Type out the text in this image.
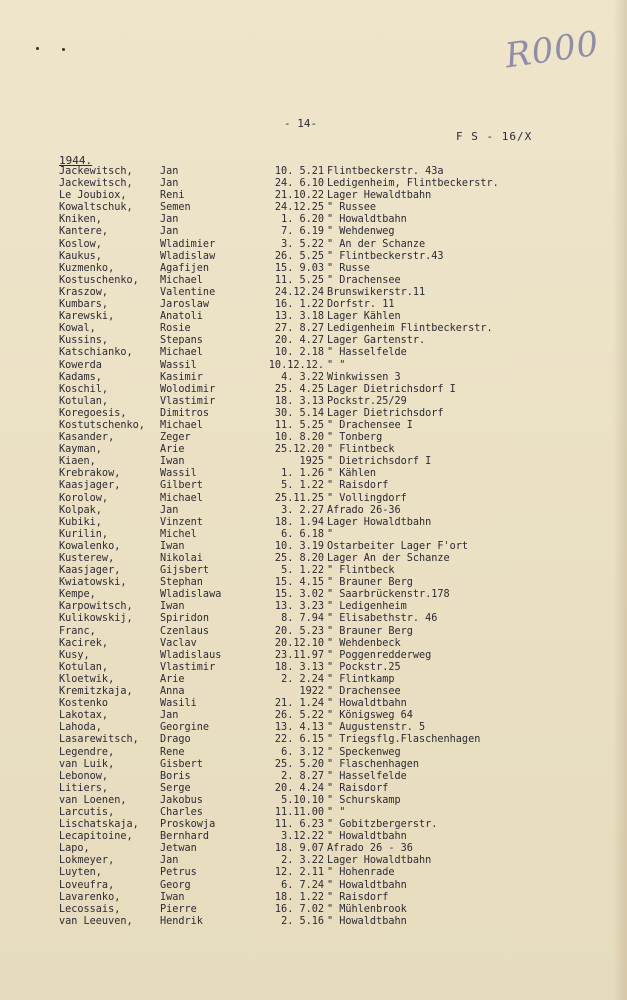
R000
- 14-
F S - 16/X
1944.
Jackewitsch,	Jan	10. 5.21 Flintbeckerstr. 43a
Jackewitsch,	Jan	24. 6.10 Ledigenheim, Flintbeckerstr.
Le Joubiox,	Reni	21.10.22 Lager Hewaldtbahn
Kowaltschuk,	Semen	24.12.25 " Russee
Kniken,	Jan	1. 6.20 " Howaldtbahn
Kantere,	Jan	7. 6.19 " Wehdenweg
Koslow,	Wladimier	3. 5.22 " An der Schanze
Kaukus,	Wladislaw	26. 5.25 " Flintbeckerstr.43
Kuzmenko,	Agafijen	15. 9.03 " Russe
Kostuschenko, Michael	11. 5.25 " Drachensee
Kraszow,	Valentine	24.12.24 Brunswikerstr.11
Kumbars,	Jaroslaw	16. 1.22 Dorfstr. 11
Karewski,	Anatoli	13. 3.18 Lager Kählen
Kowal,	Rosie	27. 8.27 Ledigenheim Flintbeckerstr.
Kussins,	Stepans	20. 4.27 Lager Gartenstr.
Katschianko,	Michael	10. 2.18 " Hasselfelde
Kowerda	Wassil	10.12.12. " "
Kadams,	Kasimir	4. 3.22 Winkwissen 3
Koschil,	Wolodimir	25. 4.25 Lager Dietrichsdorf I
Kotulan,	Vlastimir	18. 3.13 Pockstr.25/29
Koregoesis,	Dimitros	30. 5.14 Lager Dietrichsdorf
Kostutschenko, Michael	11. 5.25 " Drachensee I
Kasander,	Zeger	10. 8.20 " Tonberg
Kayman,	Arie	25.12.20 " Flintbeck
Kiaen,	Iwan	1925 " Dietrichsdorf I
Krebrakow,	Wassil	1. 1.26 " Kählen
Kaasjager,	Gilbert	5. 1.22 " Raisdorf
Korolow,	Michael	25.11.25 " Vollingdorf
Kolpak,	Jan	3. 2.27 Afrado 26-36
Kubiki,	Vinzent	18. 1.94 Lager Howaldtbahn
Kurilin,	Michel	6. 6.18 "
Kowalenko,	Iwan	10. 3.19 Ostarbeiter Lager F'ort
Kusterew,	Nikolai	25. 8.20 Lager An der Schanze
Kaasjager,	Gijsbert	5. 1.22 " Flintbeck
Kwiatowski,	Stephan	15. 4.15 " Brauner Berg
Kempe,	Wladislawa	15. 3.02 " Saarbrückenstr.178
Karpowitsch,	Iwan	13. 3.23 " Ledigenheim
Kulikowskij,	Spiridon	8. 7.94 " Elisabethstr. 46
Franc,	Czenlaus	20. 5.23 " Brauner Berg
Kacirek,	Vaclav	20.12.10 " Wehdenbeck
Kusy,	Wladislaus	23.11.97 " Poggenredderweg
Kotulan,	Vlastimir	18. 3.13 " Pockstr.25
Kloetwik,	Arie	2. 2.24 " Flintkamp
Kremitzkaja,	Anna	1922 " Drachensee
Kostenko	Wasili	21. 1.24 " Howaldtbahn
Lakotax,	Jan	26. 5.22 " Königsweg 64
Lahoda,	Georgine	13. 4.13 " Augustenstr. 5
Lasarewitsch, Drago	22. 6.15 " Triegsflg.Flaschenhagen
Legendre,	Rene	6. 3.12 " Speckenweg
van Luik,	Gisbert	25. 5.20 " Flaschenhagen
Lebonow,	Boris	2. 8.27 " Hasselfelde
Litiers,	Serge	20. 4.24 " Raisdorf
van Loenen,	Jakobus	5.10.10 " Schurskamp
Larcutis,	Charles	11.11.00 " "
Lischatskaja, Proskowja	11. 6.23 " Gobitzbergerstr.
Lecapitoine,	Bernhard	3.12.22 " Howaldtbahn
Lapo,	Jetwan	18. 9.07 Afrado 26 - 36
Lokmeyer,	Jan	2. 3.22 Lager Howaldtbahn
Luyten,	Petrus	12. 2.11 " Hohenrade
Loveufra,	Georg	6. 7.24 " Howaldtbahn
Lavarenko,	Iwan	18. 1.22 " Raisdorf
Lecossais,	Pierre	16. 7.02 " Mühlenbrook
van Leeuven,	Hendrik	2. 5.16 " Howaldtbahn
